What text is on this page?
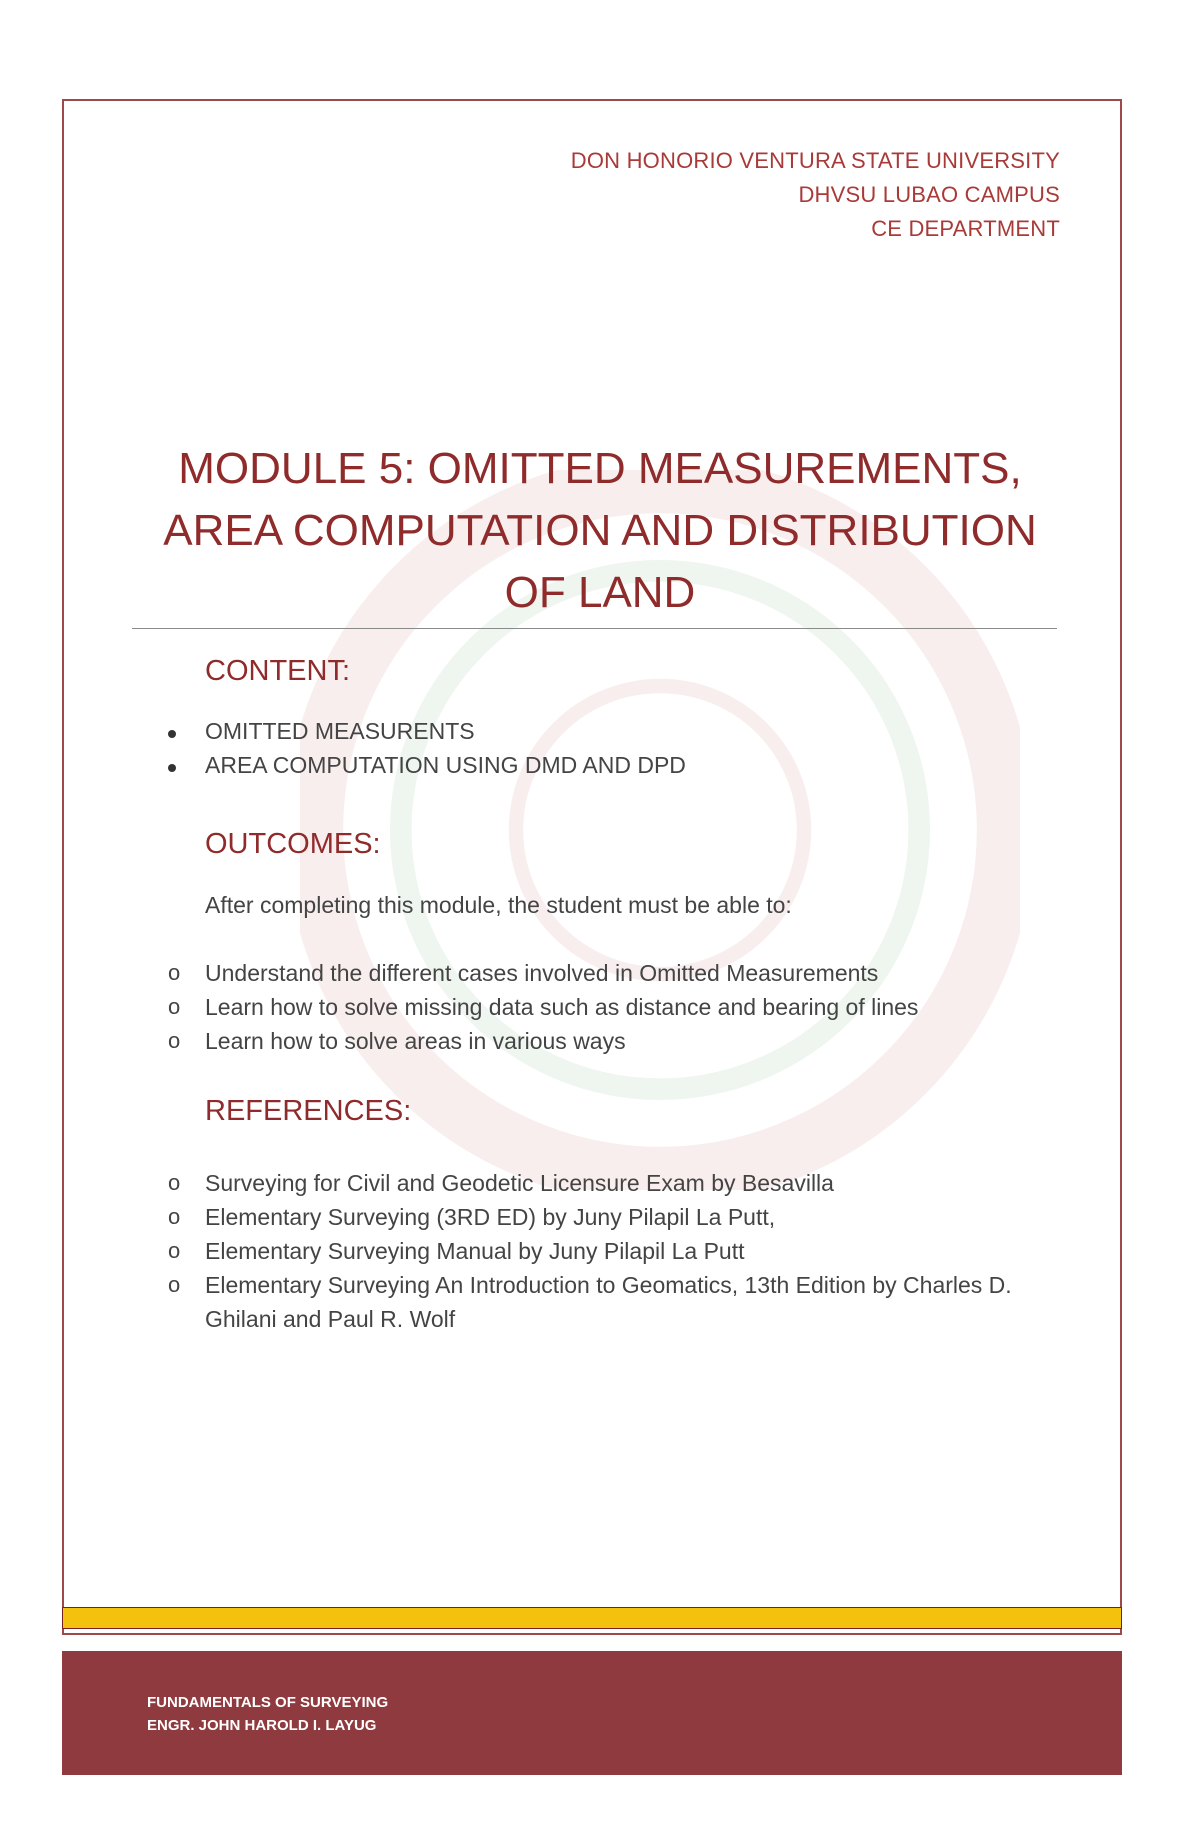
DON HONORIO VENTURA STATE UNIVERSITY
DHVSU LUBAO CAMPUS
CE DEPARTMENT
MODULE 5: OMITTED MEASUREMENTS,
AREA COMPUTATION AND DISTRIBUTION
OF LAND
CONTENT:
OMITTED MEASURENTS
AREA COMPUTATION USING DMD AND DPD
OUTCOMES:
After completing this module, the student must be able to:
o	Understand the different cases involved in Omitted Measurements
o	Learn how to solve missing data such as distance and bearing of lines
o	Learn how to solve areas in various ways
REFERENCES:
o	Surveying for Civil and Geodetic Licensure Exam by Besavilla
o	Elementary Surveying (3RD ED) by Juny Pilapil La Putt,
o	Elementary Surveying Manual by Juny Pilapil La Putt
o	Elementary Surveying An Introduction to Geomatics, 13th Edition by Charles D.
Ghilani and Paul R. Wolf
FUNDAMENTALS OF SURVEYING
ENGR. JOHN HAROLD I. LAYUG
